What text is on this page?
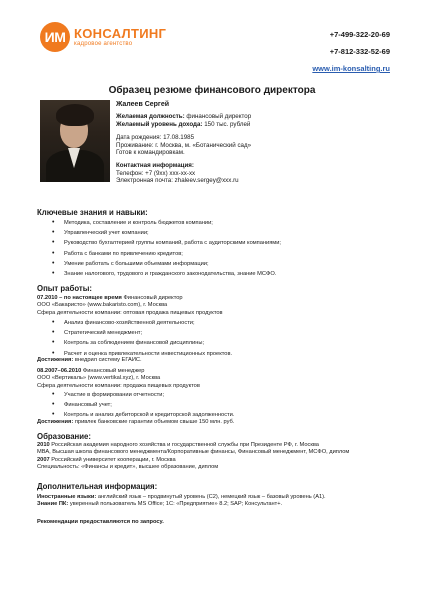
ИМ КОНСАЛТИНГ
кадровое агентство
+7-499-322-20-69
+7-812-332-52-69
www.im-konsalting.ru
Образец резюме финансового директора
Жалеев Сергей
Желаемая должность: финансовый директор
Желаемый уровень дохода: 150 тыс. рублей
Дата рождения: 17.08.1985
Проживание: г. Москва, м. «Ботанический сад»
Готов к командировкам.
Контактная информация:
Телефон: +7 (9хх) ххх-хх-хх
Электронная почта: zhaleev.sergey@xxx.ru
Ключевые знания и навыки:
• Методика, составление и контроль бюджетов компании;
• Управленческий учет компании;
• Руководство бухгалтерией группы компаний, работа с аудиторскими компаниями;
• Работа с банками по привлечению кредитов;
• Умение работать с большими объемами информации;
• Знание налогового, трудового и гражданского законодательства, знание МСФО.
Опыт работы:
07.2010 – по настоящее время Финансовый директор
ООО «Бакаристо» (www.bakaristo.com), г. Москва
Сфера деятельности компании: оптовая продажа пищевых продуктов
• Анализ финансово-хозяйственной деятельности;
• Стратегический менеджмент;
• Контроль за соблюдением финансовой дисциплины;
• Расчет и оценка привлекательности инвестиционных проектов.
Достижения: внедрил систему ЕГАИС.
08.2007–06.2010 Финансовый менеджер
ООО «Вертикаль» (www.vertikal.xyz), г. Москва
Сфера деятельности компании: продажа пищевых продуктов
• Участие в формировании отчетности;
• Финансовый учет;
• Контроль и анализ дебиторской и кредиторской задолженности.
Достижения: привлек банковские гарантии объемом свыше 150 млн. руб.
Образование:
2010 Российская академия народного хозяйства и государственной службы при Президенте РФ, г. Москва
МВА, Высшая школа финансового менеджмента/Корпоративные финансы, Финансовый менеджмент, МСФО, диплом
2007 Российский университет кооперации, г. Москва
Специальность: «Финансы и кредит», высшее образование, диплом
Дополнительная информация:
Иностранные языки: английский язык – продвинутый уровень (С2), немецкий язык – базовый уровень (А1).
Знание ПК: уверенный пользователь MS Office; 1С: «Предприятие» 8.2; SAP; Консультант+.
Рекомендации предоставляются по запросу.
